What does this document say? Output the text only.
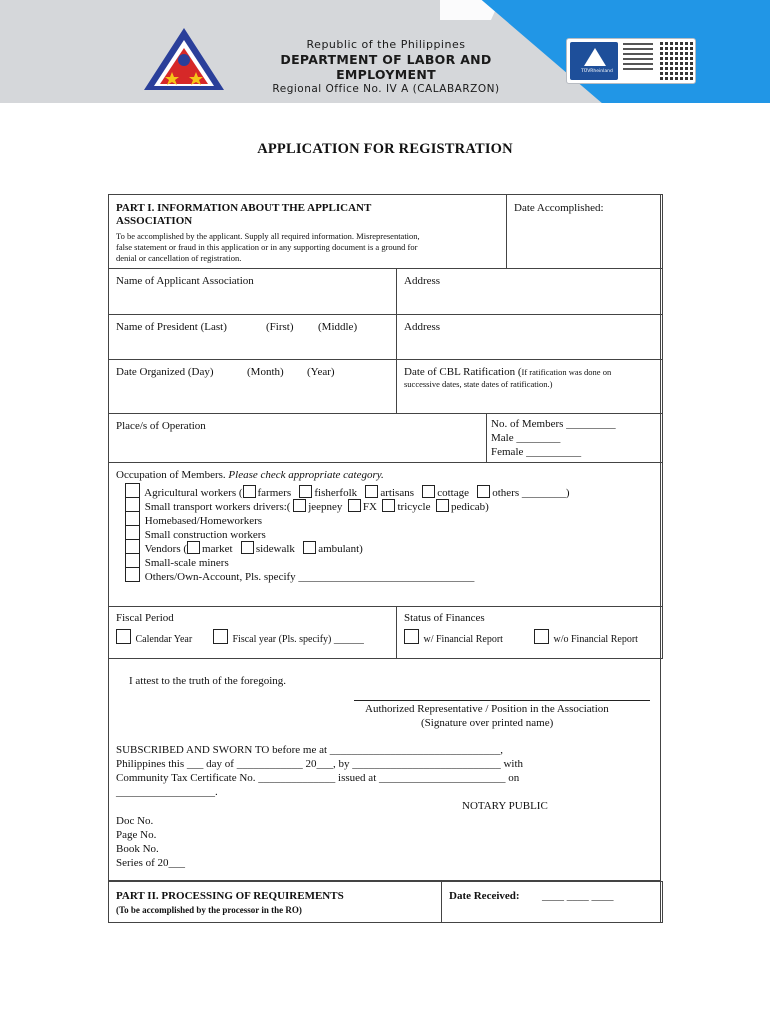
Republic of the Philippines
DEPARTMENT OF LABOR AND EMPLOYMENT
Regional Office No. IV A (CALABARZON)
TÜVRheinland
APPLICATION FOR REGISTRATION
PART I. INFORMATION ABOUT THE APPLICANT
ASSOCIATION
To be accomplished by the applicant. Supply all required information. Misrepresentation,
false statement or fraud in this application or in any supporting document is a ground for
denial or cancellation of registration.
Date Accomplished:
Name of Applicant Association	Address
Name of President (Last)	(First) (Middle)	Address
Date Organized (Day)	(Month) (Year)	Date of CBL Ratification (If ratification was done on
successive dates, state dates of ratification.)
Place/s of Operation	No. of Members _________
Male ________
Female __________
Occupation of Members. Please check appropriate category.
Agricultural workers ( farmers fisherfolk artisans cottage others ________)
Small transport workers drivers:( jeepney FX tricycle pedicab)
Homebased/Homeworkers
Small construction workers
Vendors ( market sidewalk ambulant)
Small-scale miners
Others/Own-Account, Pls. specify ________________________________
Fiscal Period
Calendar Year	Fiscal year (Pls. specify) ______
Status of Finances
w/ Financial Report	w/o Financial Report
I attest to the truth of the foregoing.
Authorized Representative / Position in the Association
(Signature over printed name)
SUBSCRIBED AND SWORN TO before me at _______________________________,
Philippines this ___ day of ____________ 20___, by ___________________________ with
Community Tax Certificate No. ______________ issued at _______________________ on
__________________.
NOTARY PUBLIC
Doc No.
Page No.
Book No.
Series of 20___
PART II. PROCESSING OF REQUIREMENTS
(To be accomplished by the processor in the RO)
Date Received: ____ ____ ____
